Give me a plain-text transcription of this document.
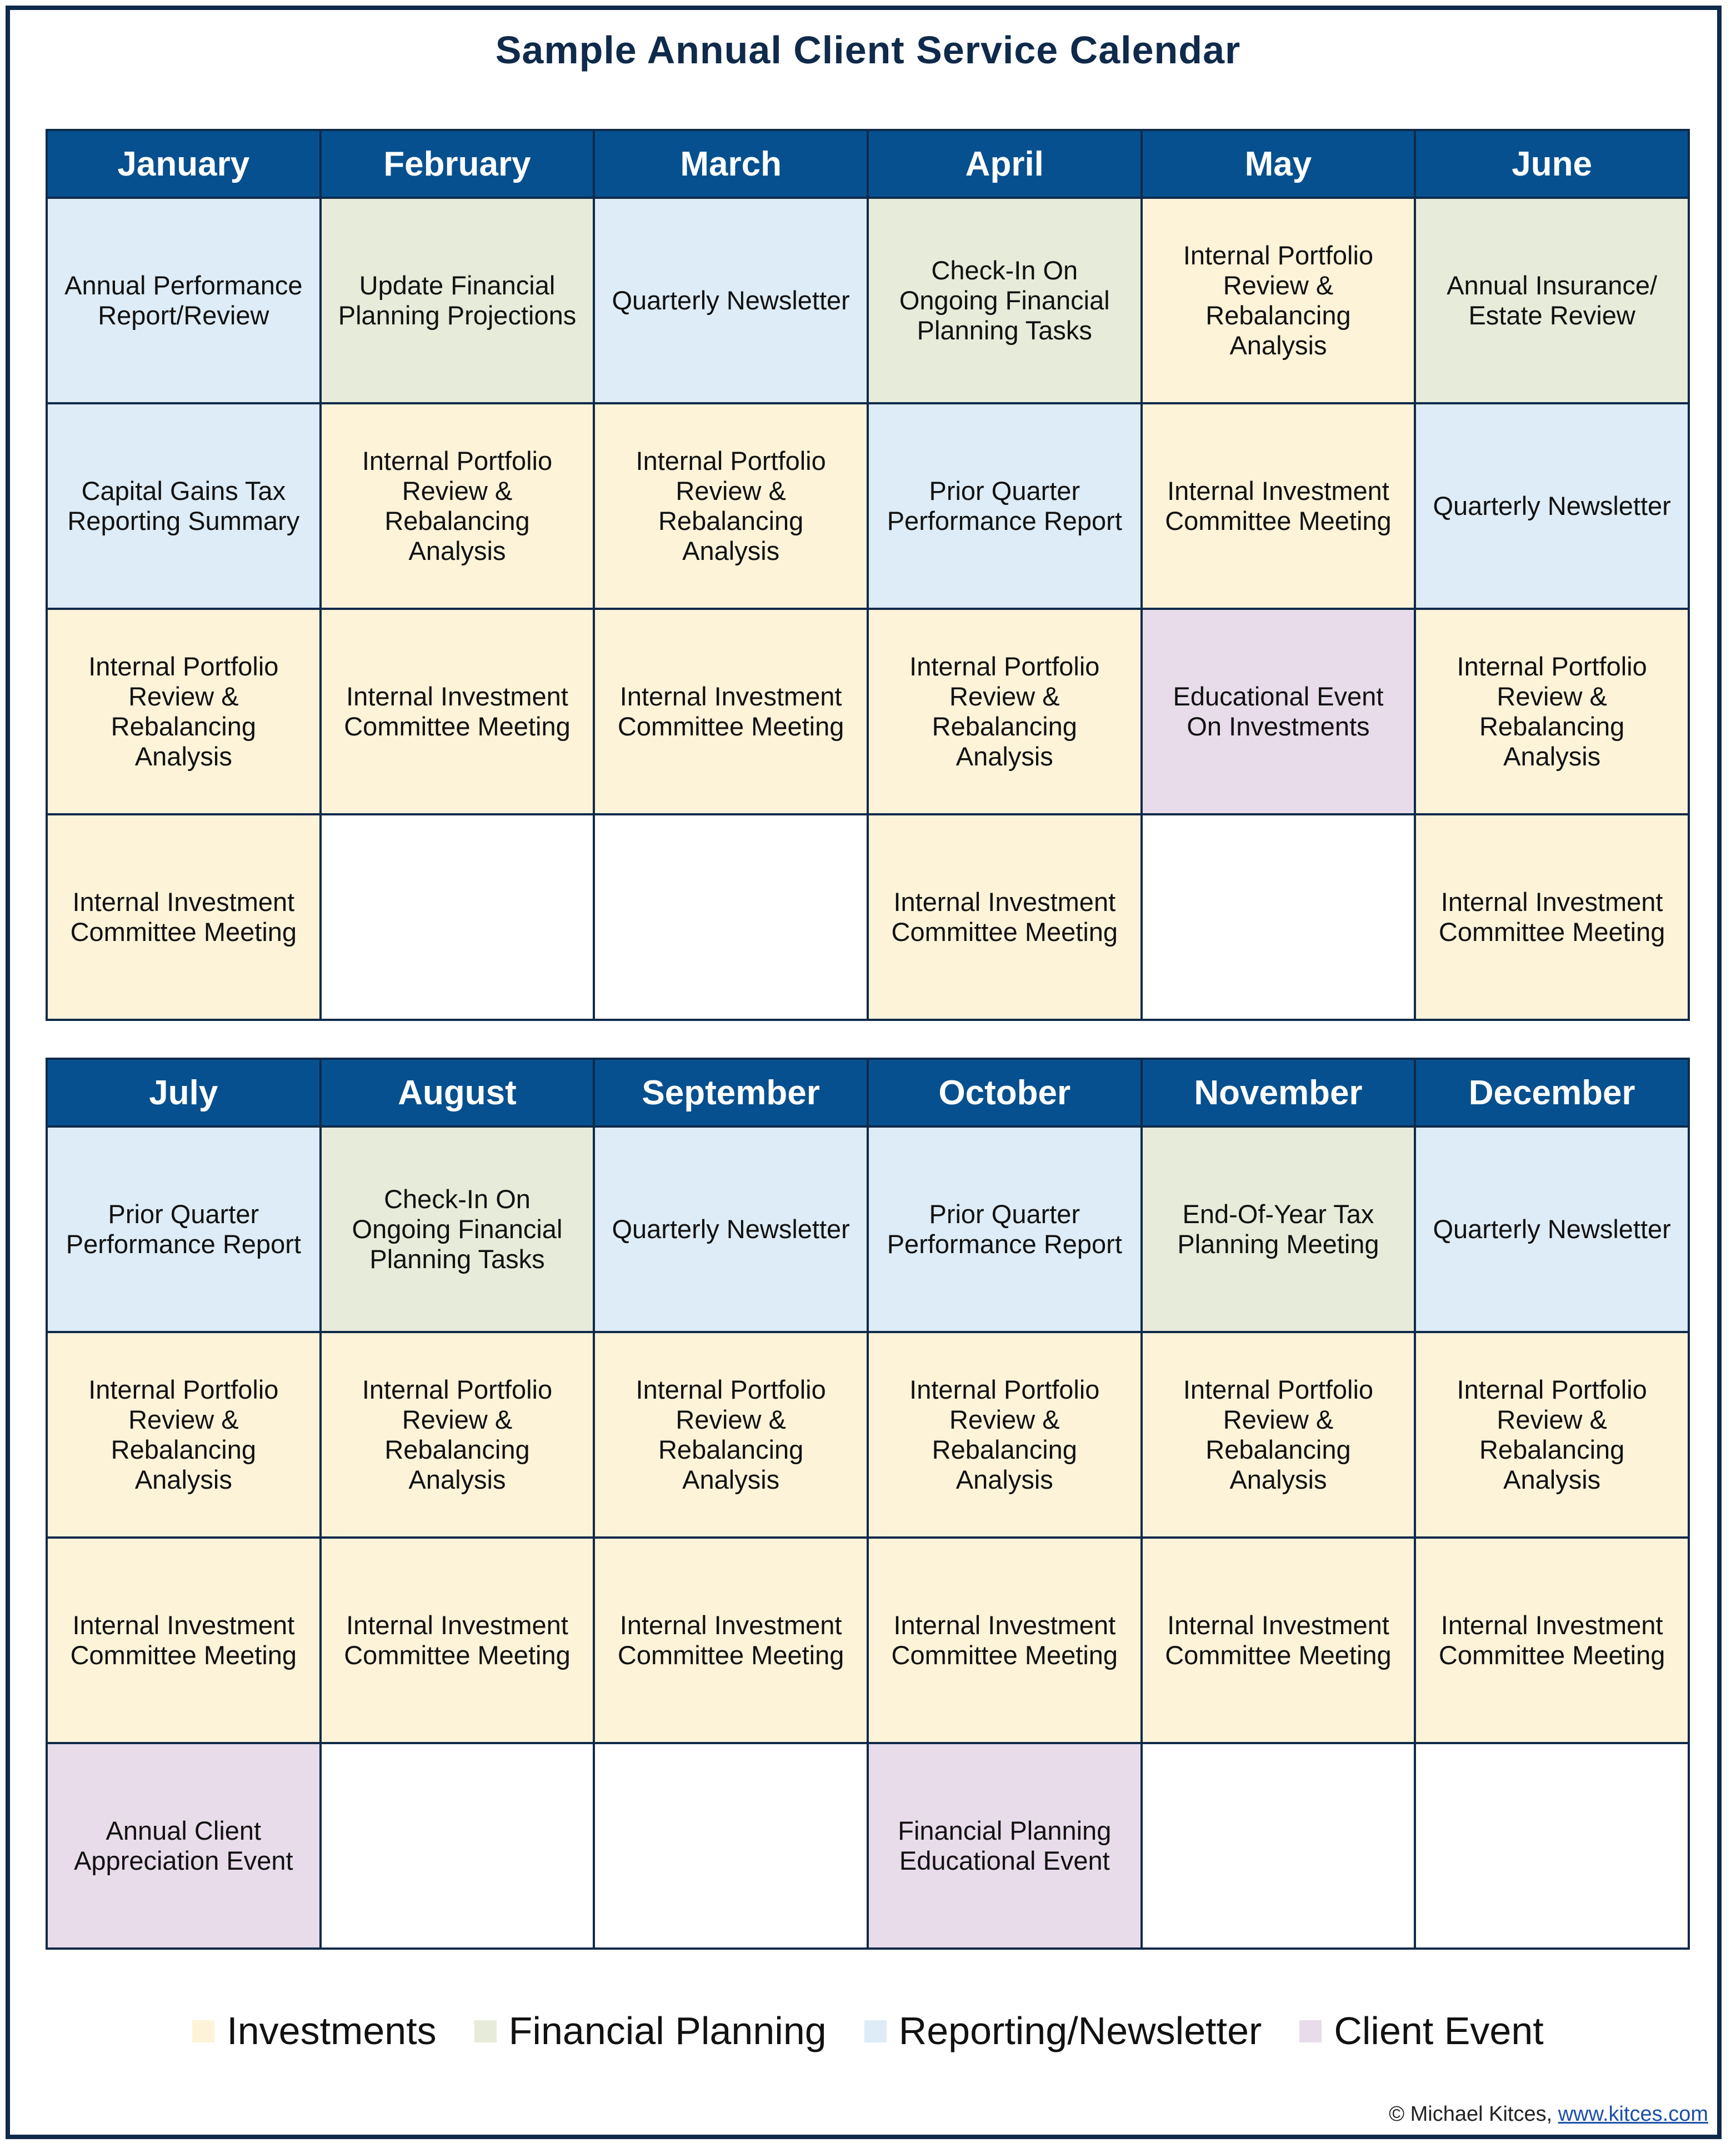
Sample Annual Client Service Calendar
January	February	March	April	May	June
Annual Performance Report/Review	Update Financial Planning Projections	Quarterly Newsletter	Check-In On Ongoing Financial Planning Tasks	Internal Portfolio Review & Rebalancing Analysis	Annual Insurance/ Estate Review
Capital Gains Tax Reporting Summary	Internal Portfolio Review & Rebalancing Analysis	Internal Portfolio Review & Rebalancing Analysis	Prior Quarter Performance Report	Internal Investment Committee Meeting	Quarterly Newsletter
Internal Portfolio Review & Rebalancing Analysis	Internal Investment Committee Meeting	Internal Investment Committee Meeting	Internal Portfolio Review & Rebalancing Analysis	Educational Event On Investments	Internal Portfolio Review & Rebalancing Analysis
Internal Investment Committee Meeting			Internal Investment Committee Meeting		Internal Investment Committee Meeting
July	August	September	October	November	December
Prior Quarter Performance Report	Check-In On Ongoing Financial Planning Tasks	Quarterly Newsletter	Prior Quarter Performance Report	End-Of-Year Tax Planning Meeting	Quarterly Newsletter
Internal Portfolio Review & Rebalancing Analysis	Internal Portfolio Review & Rebalancing Analysis	Internal Portfolio Review & Rebalancing Analysis	Internal Portfolio Review & Rebalancing Analysis	Internal Portfolio Review & Rebalancing Analysis	Internal Portfolio Review & Rebalancing Analysis
Internal Investment Committee Meeting	Internal Investment Committee Meeting	Internal Investment Committee Meeting	Internal Investment Committee Meeting	Internal Investment Committee Meeting	Internal Investment Committee Meeting
Annual Client Appreciation Event			Financial Planning Educational Event		
Investments Financial Planning Reporting/Newsletter Client Event
© Michael Kitces, www.kitces.com
